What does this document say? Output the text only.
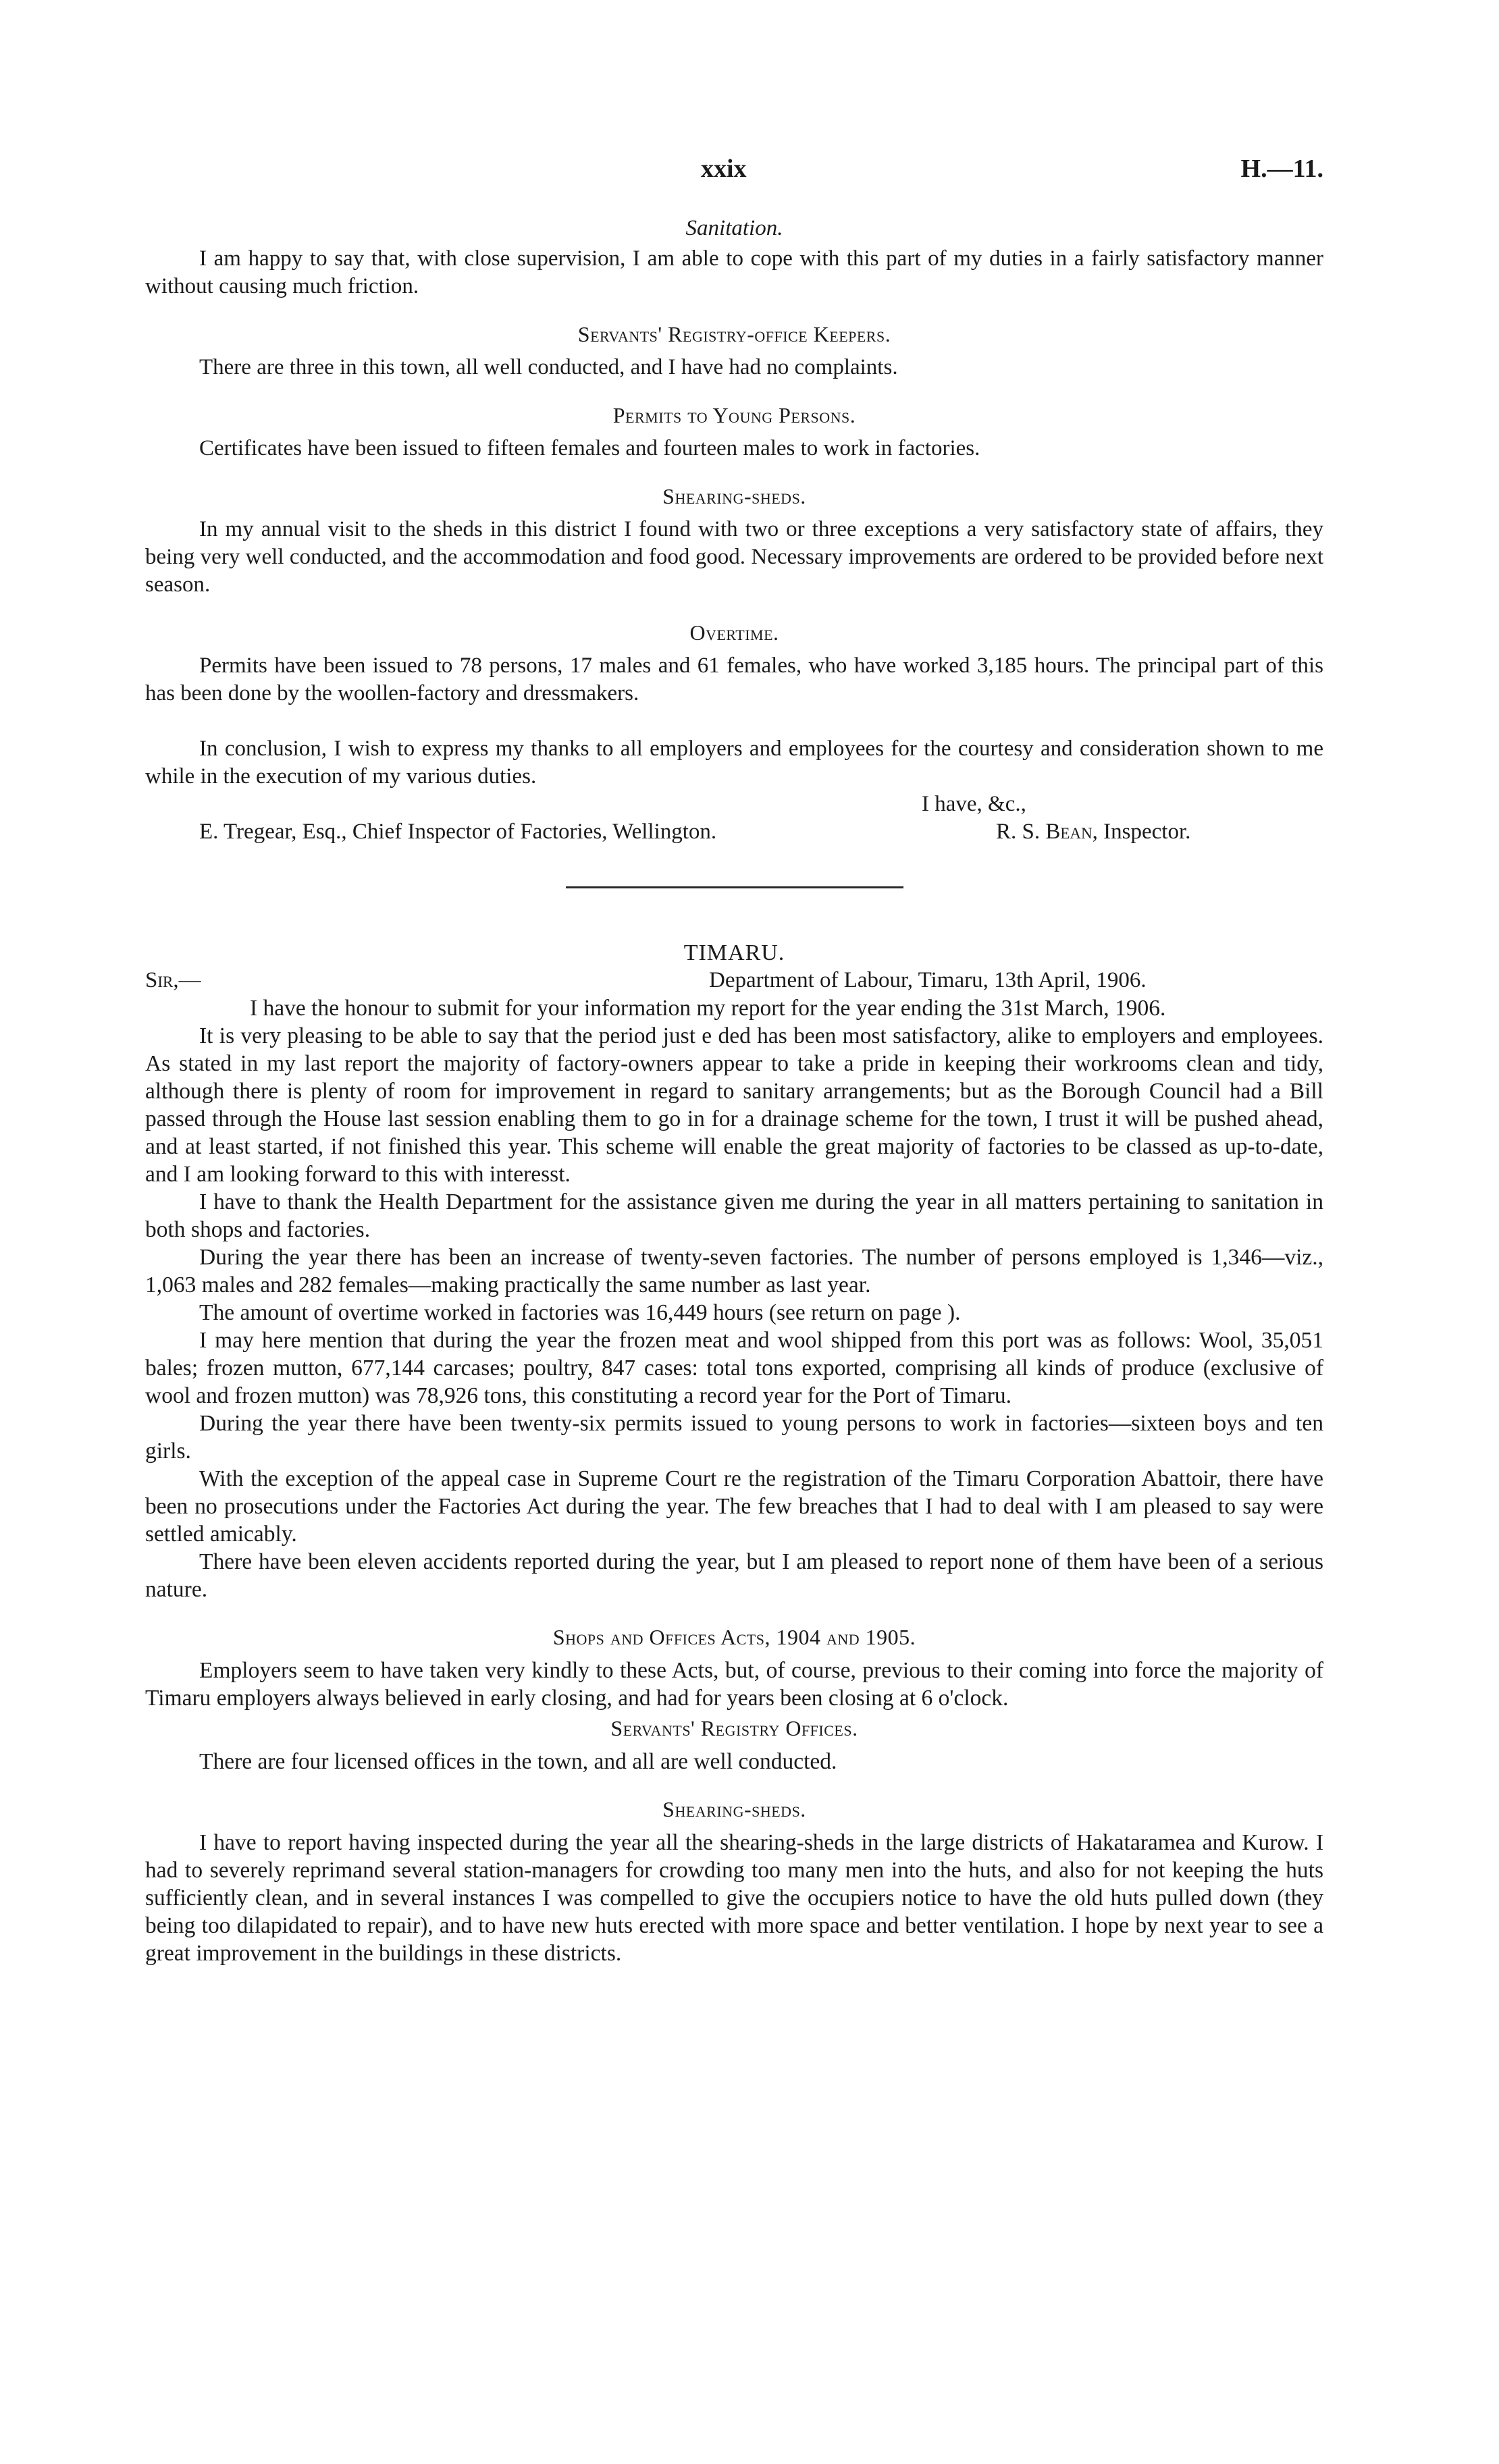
xxix	H.—11.

Sanitation.

I am happy to say that, with close supervision, I am able to cope with this part of my duties in a fairly satisfactory manner without causing much friction.

Servants' Registry-office Keepers.

There are three in this town, all well conducted, and I have had no complaints.

Permits to Young Persons.

Certificates have been issued to fifteen females and fourteen males to work in factories.

Shearing-sheds.

In my annual visit to the sheds in this district I found with two or three exceptions a very satisfactory state of affairs, they being very well conducted, and the accommodation and food good. Necessary improvements are ordered to be provided before next season.

Overtime.

Permits have been issued to 78 persons, 17 males and 61 females, who have worked 3,185 hours. The principal part of this has been done by the woollen-factory and dressmakers.

In conclusion, I wish to express my thanks to all employers and employees for the courtesy and consideration shown to me while in the execution of my various duties.

I have, &c.,
E. Tregear, Esq., Chief Inspector of Factories, Wellington.	R. S. Bean, Inspector.

TIMARU.

Sir,—	Department of Labour, Timaru, 13th April, 1906.

I have the honour to submit for your information my report for the year ending the 31st March, 1906.

It is very pleasing to be able to say that the period just e ded has been most satisfactory, alike to employers and employees. As stated in my last report the majority of factory-owners appear to take a pride in keeping their workrooms clean and tidy, although there is plenty of room for improvement in regard to sanitary arrangements; but as the Borough Council had a Bill passed through the House last session enabling them to go in for a drainage scheme for the town, I trust it will be pushed ahead, and at least started, if not finished this year. This scheme will enable the great majority of factories to be classed as up-to-date, and I am looking forward to this with interesst.

I have to thank the Health Department for the assistance given me during the year in all matters pertaining to sanitation in both shops and factories.

During the year there has been an increase of twenty-seven factories. The number of persons employed is 1,346—viz., 1,063 males and 282 females—making practically the same number as last year.

The amount of overtime worked in factories was 16,449 hours (see return on page ).

I may here mention that during the year the frozen meat and wool shipped from this port was as follows: Wool, 35,051 bales; frozen mutton, 677,144 carcases; poultry, 847 cases: total tons exported, comprising all kinds of produce (exclusive of wool and frozen mutton) was 78,926 tons, this constituting a record year for the Port of Timaru.

During the year there have been twenty-six permits issued to young persons to work in factories—sixteen boys and ten girls.

With the exception of the appeal case in Supreme Court re the registration of the Timaru Corporation Abattoir, there have been no prosecutions under the Factories Act during the year. The few breaches that I had to deal with I am pleased to say were settled amicably.

There have been eleven accidents reported during the year, but I am pleased to report none of them have been of a serious nature.

Shops and Offices Acts, 1904 and 1905.

Employers seem to have taken very kindly to these Acts, but, of course, previous to their coming into force the majority of Timaru employers always believed in early closing, and had for years been closing at 6 o'clock.

Servants' Registry Offices.

There are four licensed offices in the town, and all are well conducted.

Shearing-sheds.

I have to report having inspected during the year all the shearing-sheds in the large districts of Hakataramea and Kurow. I had to severely reprimand several station-managers for crowding too many men into the huts, and also for not keeping the huts sufficiently clean, and in several instances I was compelled to give the occupiers notice to have the old huts pulled down (they being too dilapidated to repair), and to have new huts erected with more space and better ventilation. I hope by next year to see a great improvement in the buildings in these districts.
